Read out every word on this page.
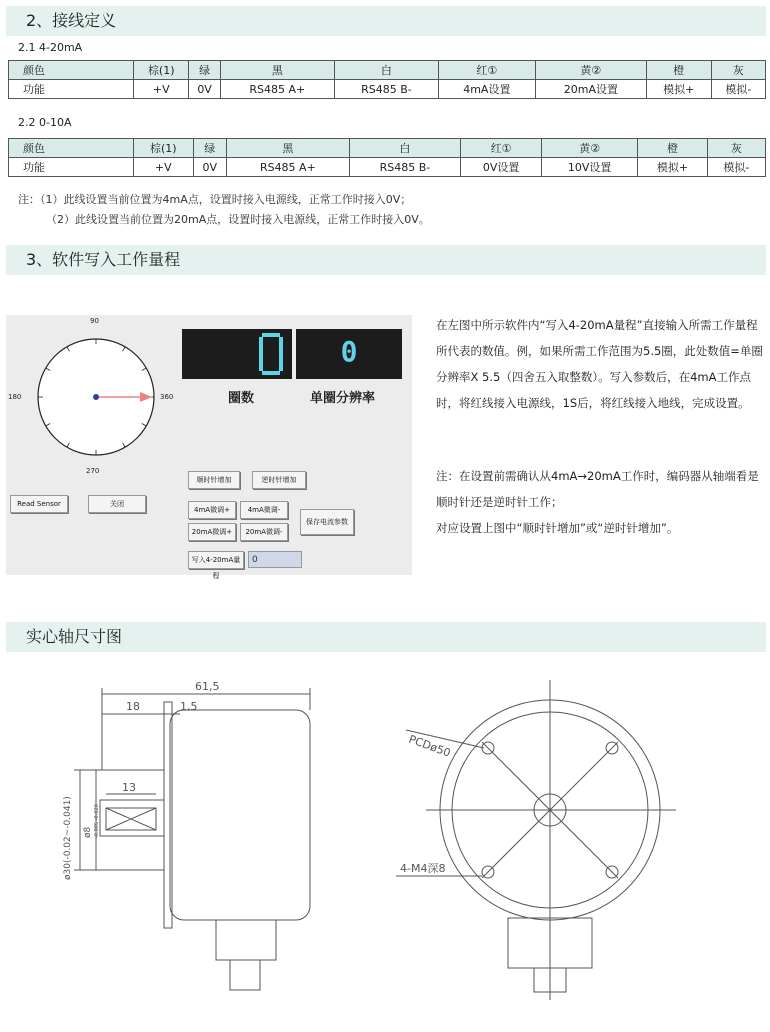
2、接线定义
2.1 4-20mA
颜色	棕(1)	绿	黑	白	红①	黄②	橙	灰
功能	+V	0V	RS485 A+	RS485 B-	4mA设置	20mA设置	模拟+	模拟-
2.2 0-10A
颜色	棕(1)	绿	黑	白	红①	黄②	橙	灰
功能	+V	0V	RS485 A+	RS485 B-	0V设置	10V设置	模拟+	模拟-
注：（1）此线设置当前位置为4mA点，设置时接入电源线，正常工作时接入0V；
（2）此线设置当前位置为20mA点，设置时接入电源线，正常工作时接入0V。
3、软件写入工作量程
90
180	360
270
0
圈数	单圈分辨率
顺时针增加	逆时针增加
4mA微调+	4mA微调-
20mA微调+	20mA微调-
保存电流参数
写入4-20mA量程
0
Read Sensor	关闭
在左图中所示软件内“写入4-20mA量程”直接输入所需工作量程所代表的数值。例，如果所需工作范围为5.5圈，此处数值=单圈分辨率X 5.5（四舍五入取整数）。写入参数后，在4mA工作点时，将红线接入电源线，1S后，将红线接入地线，完成设置。
注：在设置前需确认从4mA→20mA工作时，编码器从轴端看是顺时针还是逆时针工作；
对应设置上图中“顺时针增加”或“逆时针增加”。
实心轴尺寸图
61,5
18	1,5
13
ø30(-0.02~-0.041) ø8 -0.005 -0.020
PCDø50
4-M4深8
